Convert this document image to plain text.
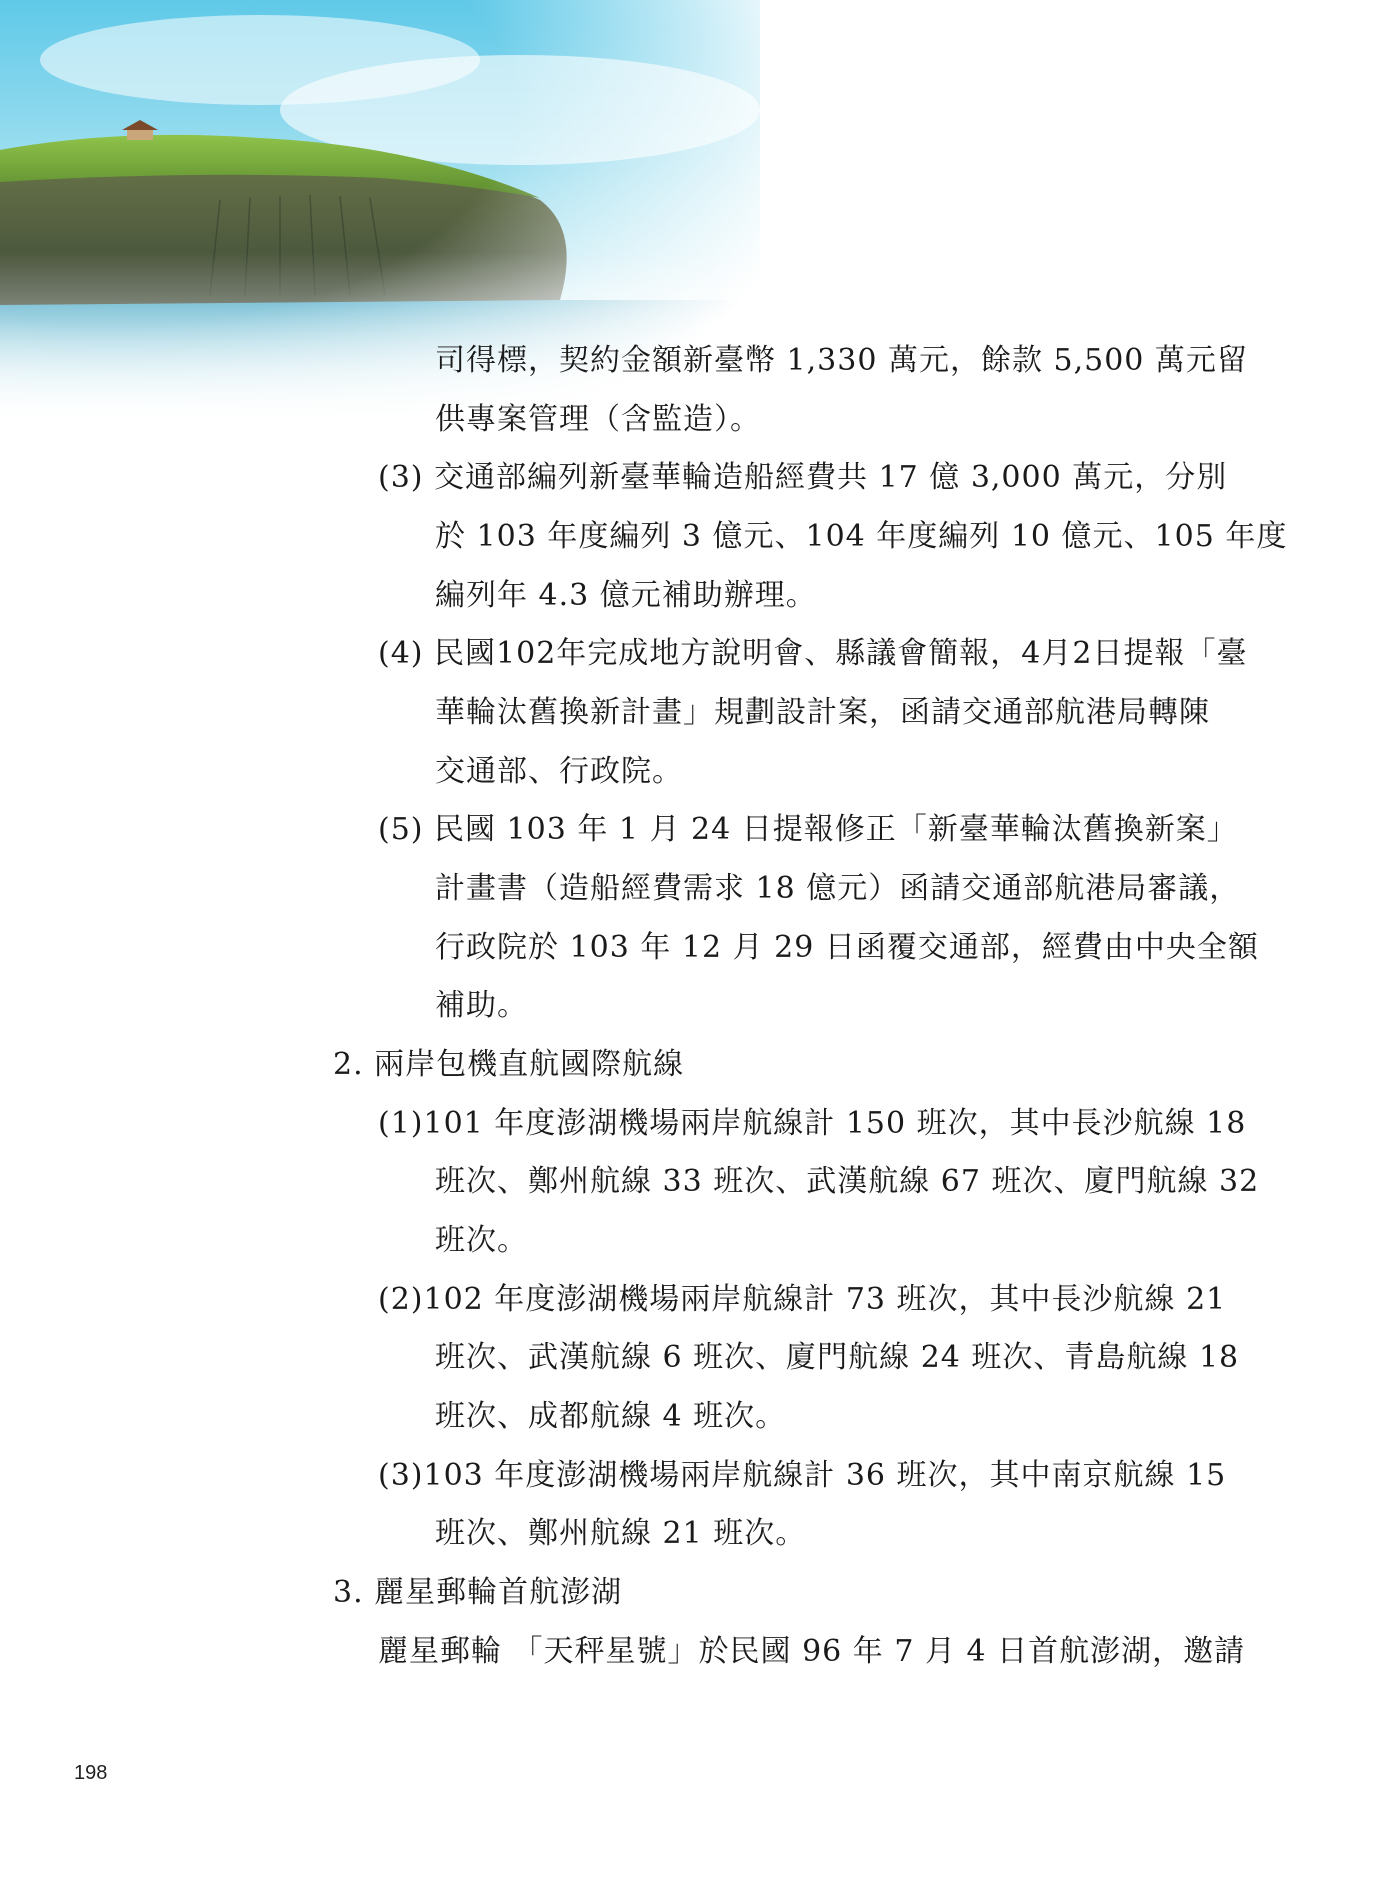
司得標，契約金額新臺幣 1,330 萬元，餘款 5,500 萬元留
供專案管理（含監造）。
(3) 交通部編列新臺華輪造船經費共 17 億 3,000 萬元，分別
於 103 年度編列 3 億元、104 年度編列 10 億元、105 年度
編列年 4.3 億元補助辦理。
(4) 民國102年完成地方說明會、縣議會簡報，4月2日提報「臺
華輪汰舊換新計畫」規劃設計案，函請交通部航港局轉陳
交通部、行政院。
(5) 民國 103 年 1 月 24 日提報修正「新臺華輪汰舊換新案」
計畫書（造船經費需求 18 億元）函請交通部航港局審議，
行政院於 103 年 12 月 29 日函覆交通部，經費由中央全額
補助。
2. 兩岸包機直航國際航線
(1)101 年度澎湖機場兩岸航線計 150 班次，其中長沙航線 18
班次、鄭州航線 33 班次、武漢航線 67 班次、廈門航線 32
班次。
(2)102 年度澎湖機場兩岸航線計 73 班次，其中長沙航線 21
班次、武漢航線 6 班次、廈門航線 24 班次、青島航線 18
班次、成都航線 4 班次。
(3)103 年度澎湖機場兩岸航線計 36 班次，其中南京航線 15
班次、鄭州航線 21 班次。
3. 麗星郵輪首航澎湖
麗星郵輪 「天秤星號」於民國 96 年 7 月 4 日首航澎湖，邀請
198
